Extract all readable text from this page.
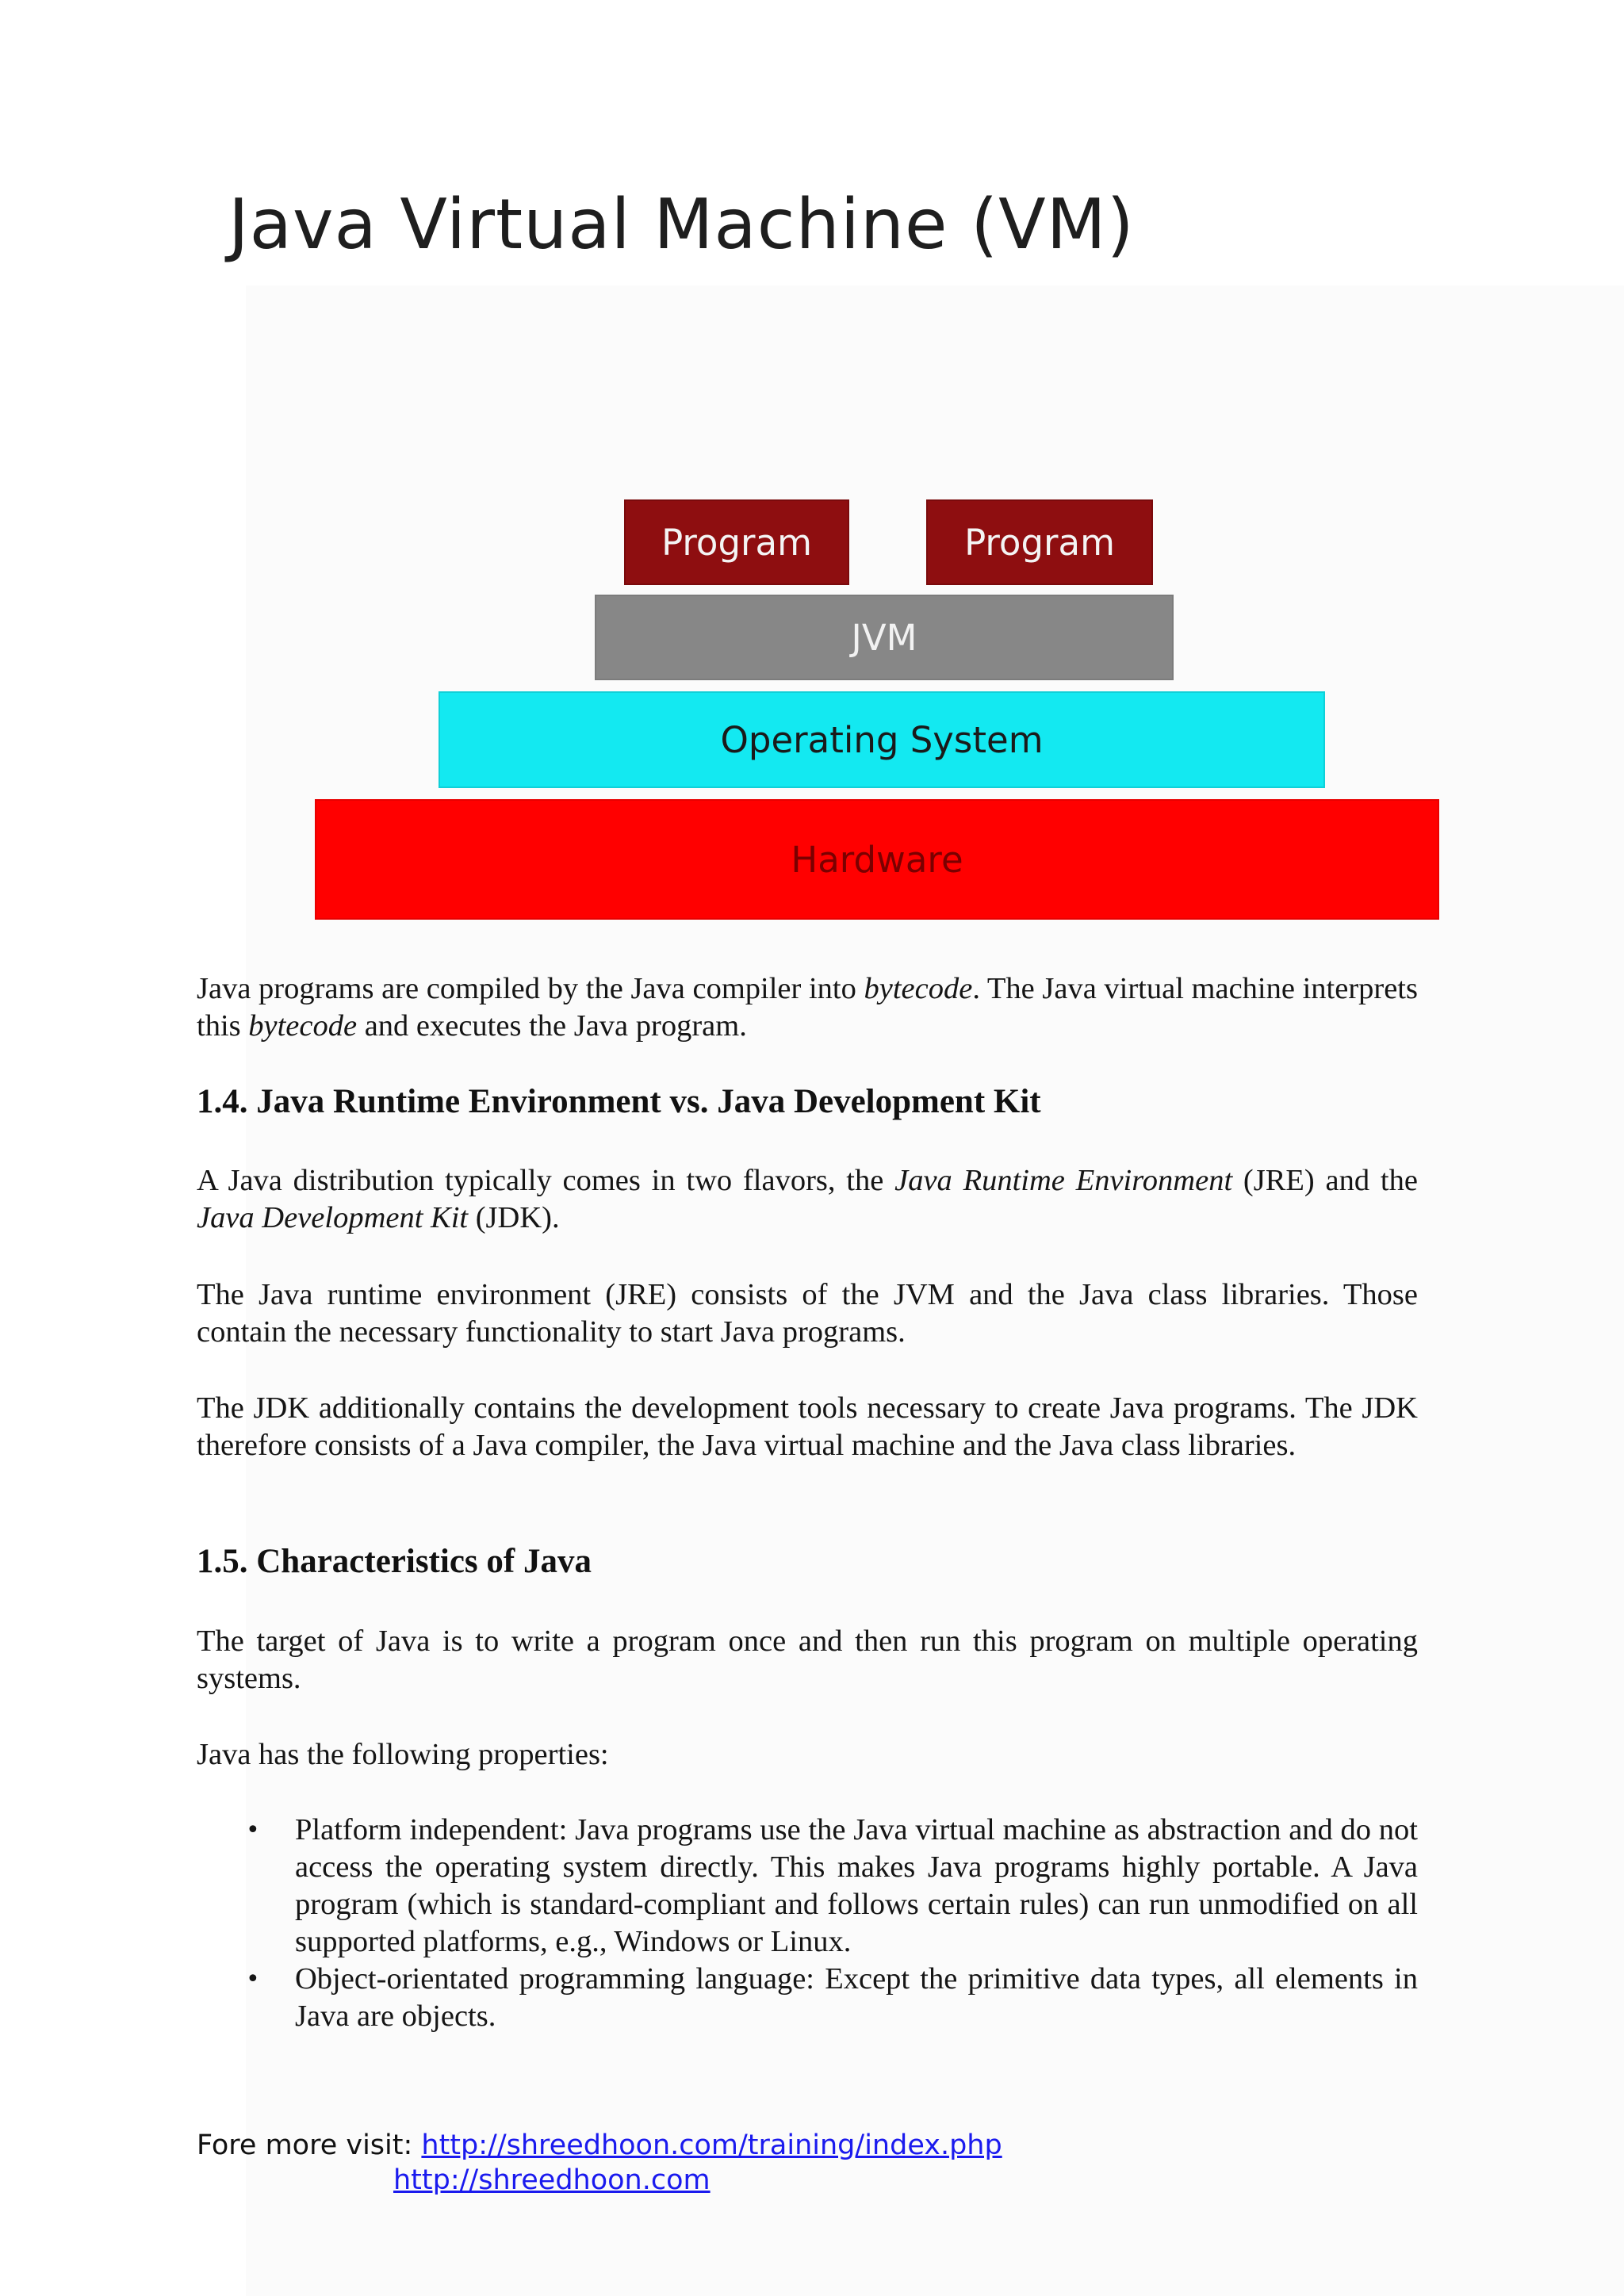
Java Virtual Machine (VM)
Program	Program
JVM
Operating System
Hardware

Java programs are compiled by the Java compiler into bytecode. The Java virtual machine interprets this bytecode and executes the Java program.

1.4. Java Runtime Environment vs. Java Development Kit

A Java distribution typically comes in two flavors, the Java Runtime Environment (JRE) and the Java Development Kit (JDK).

The Java runtime environment (JRE) consists of the JVM and the Java class libraries. Those contain the necessary functionality to start Java programs.

The JDK additionally contains the development tools necessary to create Java programs. The JDK therefore consists of a Java compiler, the Java virtual machine and the Java class libraries.

1.5. Characteristics of Java

The target of Java is to write a program once and then run this program on multiple operating systems.

Java has the following properties:

• Platform independent: Java programs use the Java virtual machine as abstraction and do not access the operating system directly. This makes Java programs highly portable. A Java program (which is standard-compliant and follows certain rules) can run unmodified on all supported platforms, e.g., Windows or Linux.
• Object-orientated programming language: Except the primitive data types, all elements in Java are objects.
Fore more visit: http://shreedhoon.com/training/index.php
http://shreedhoon.com
